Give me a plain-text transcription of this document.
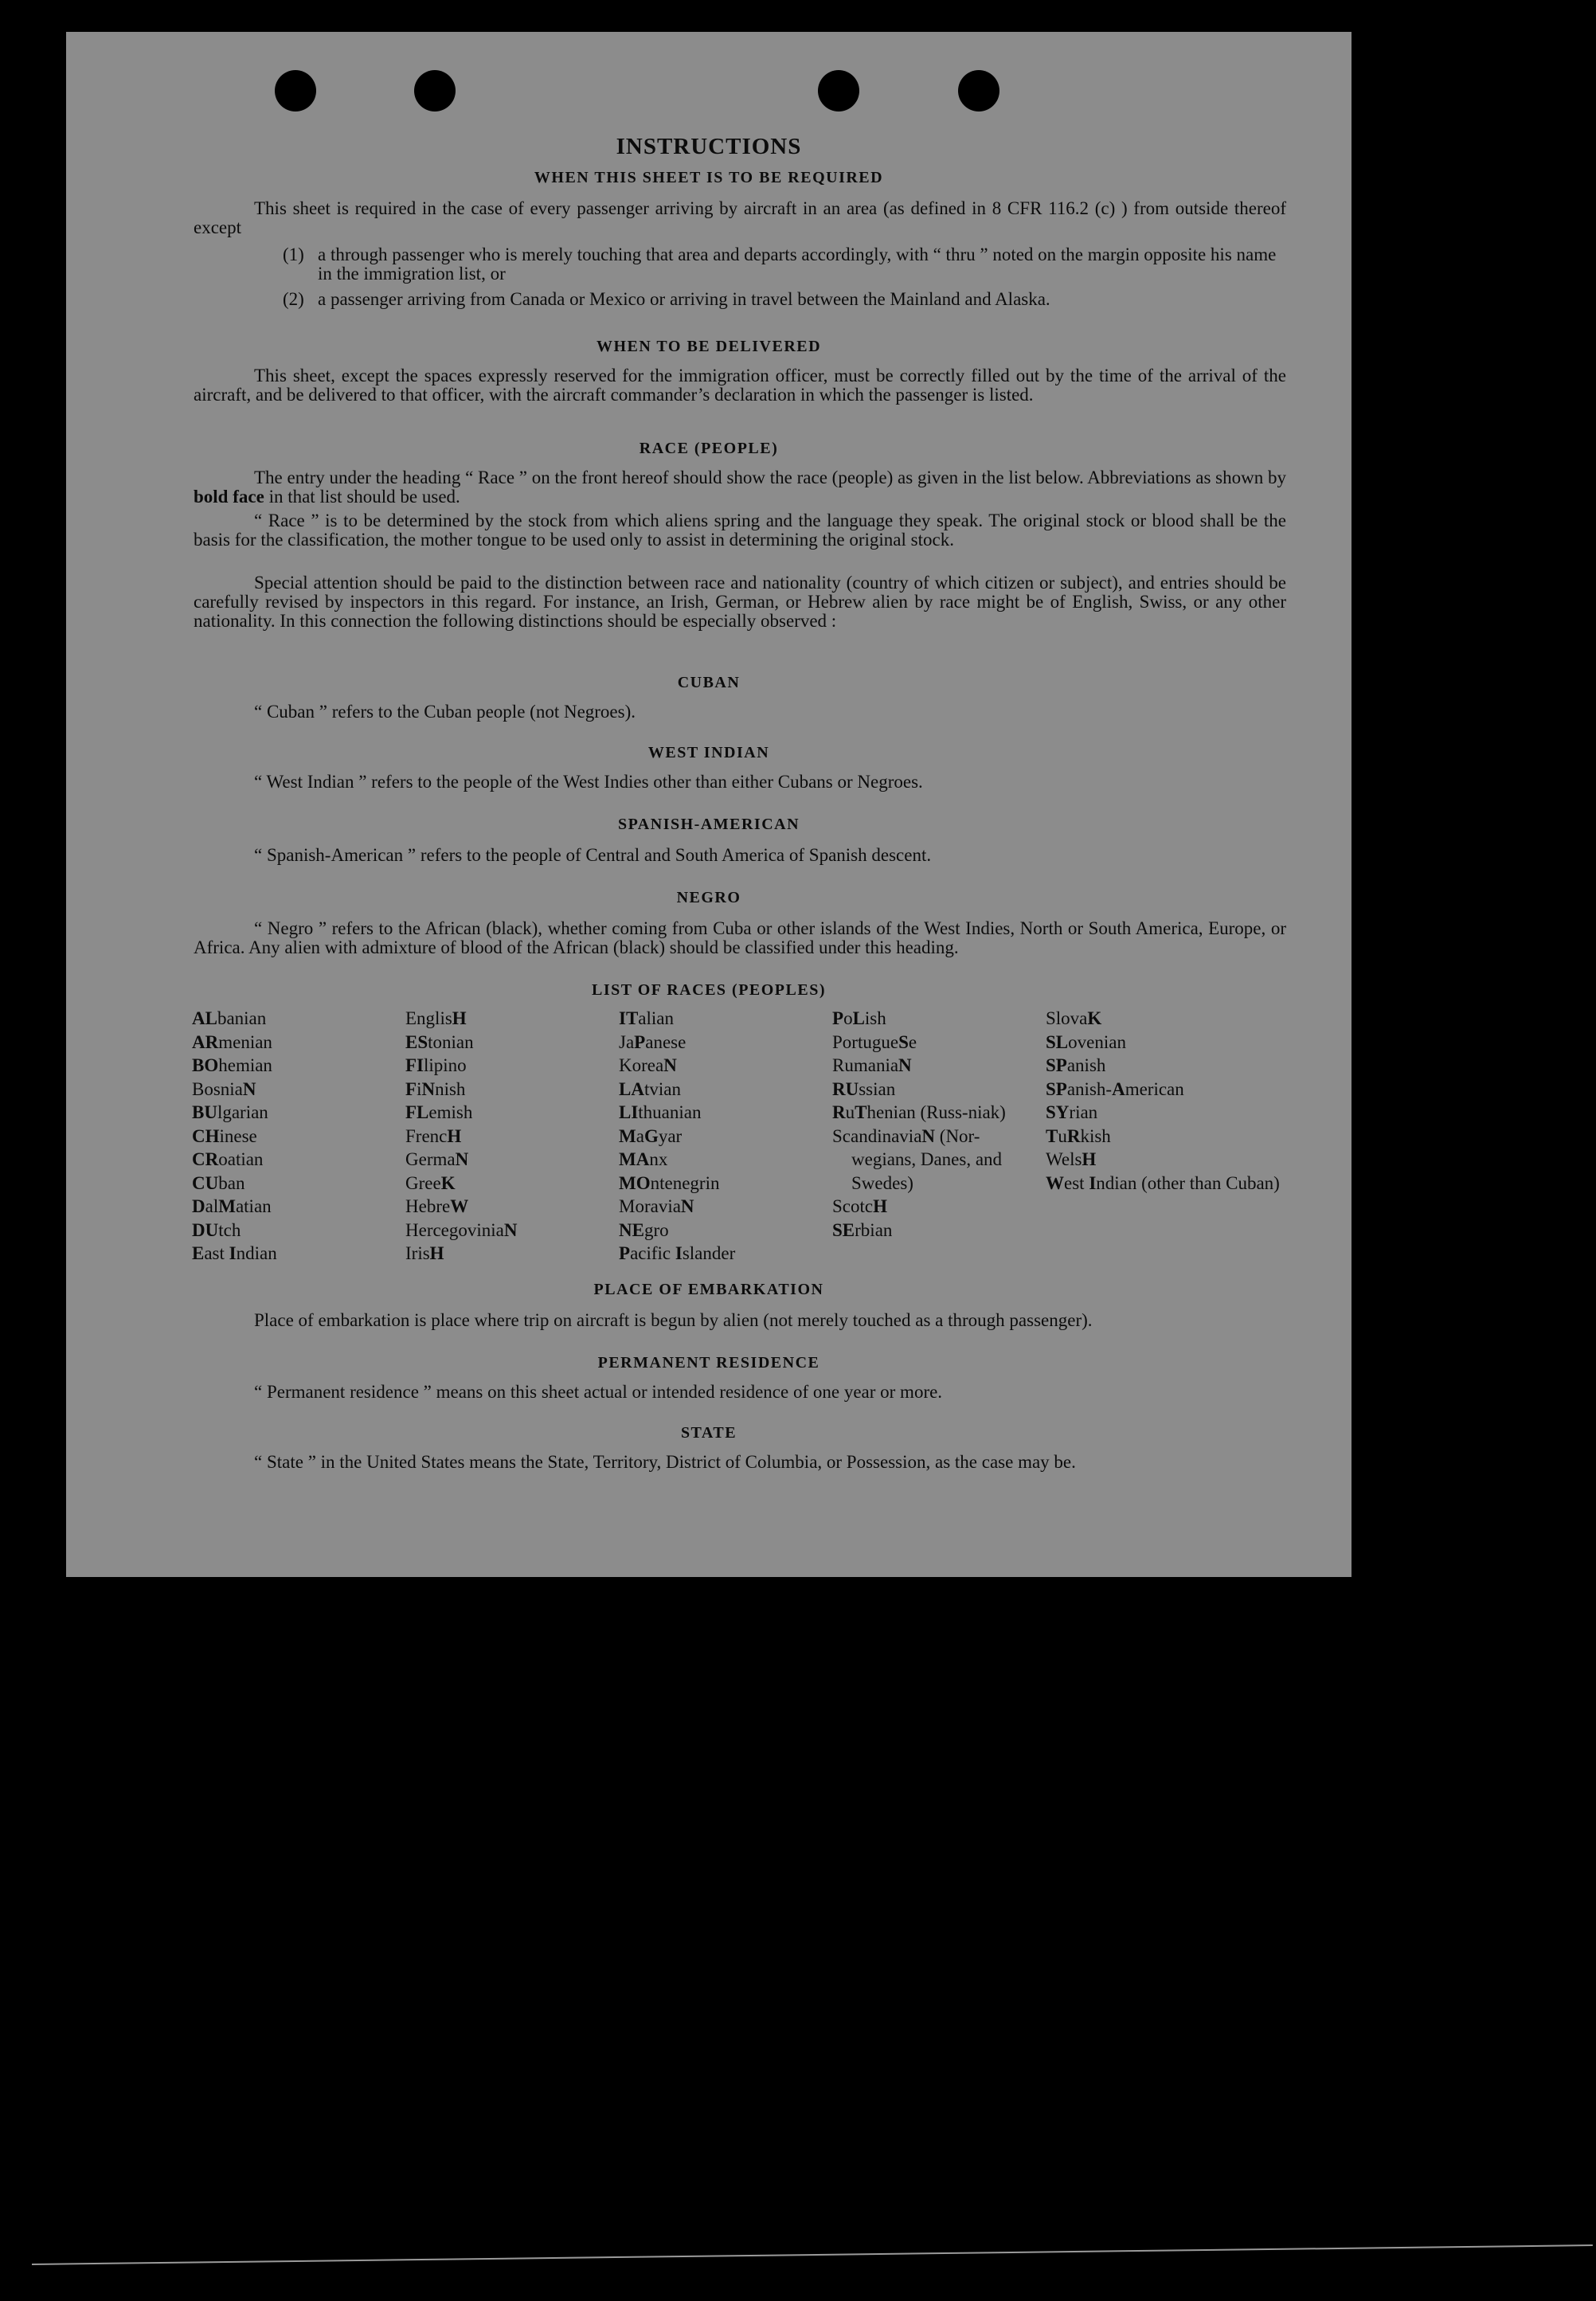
INSTRUCTIONS
WHEN THIS SHEET IS TO BE REQUIRED
This sheet is required in the case of every passenger arriving by aircraft in an area (as defined in 8 CFR 116.2 (c) ) from outside thereof except
(1) a through passenger who is merely touching that area and departs accordingly, with “ thru ” noted on the margin opposite his name in the immigration list, or
(2) a passenger arriving from Canada or Mexico or arriving in travel between the Mainland and Alaska.
WHEN TO BE DELIVERED
This sheet, except the spaces expressly reserved for the immigration officer, must be correctly filled out by the time of the arrival of the aircraft, and be delivered to that officer, with the aircraft commander’s declaration in which the passenger is listed.
RACE (PEOPLE)
The entry under the heading “ Race ” on the front hereof should show the race (people) as given in the list below. Abbreviations as shown by bold face in that list should be used.
“ Race ” is to be determined by the stock from which aliens spring and the language they speak. The original stock or blood shall be the basis for the classification, the mother tongue to be used only to assist in determining the original stock.
Special attention should be paid to the distinction between race and nationality (country of which citizen or subject), and entries should be carefully revised by inspectors in this regard. For instance, an Irish, German, or Hebrew alien by race might be of English, Swiss, or any other nationality. In this connection the following distinctions should be especially observed :
CUBAN
“ Cuban ” refers to the Cuban people (not Negroes).
WEST INDIAN
“ West Indian ” refers to the people of the West Indies other than either Cubans or Negroes.
SPANISH-AMERICAN
“ Spanish-American ” refers to the people of Central and South America of Spanish descent.
NEGRO
“ Negro ” refers to the African (black), whether coming from Cuba or other islands of the West Indies, North or South America, Europe, or Africa. Any alien with admixture of blood of the African (black) should be classified under this heading.
LIST OF RACES (PEOPLES)
ALbanian
ARmenian
BOhemian
BosniaN
BUlgarian
CHinese
CRoatian
CUban
DalMatian
DUtch
East Indian
EnglisH
EStonian
FIlipino
FiNnish
FLemish
FrencH
GermaN
GreeK
HebreW
HercegoviniaN
IrisH
ITalian
JaPanese
KoreaN
LAtvian
LIthuanian
MaGyar
MAnx
MOntenegrin
MoraviaN
NEgro
Pacific Islander
PoLish
PortugueSe
RumaniaN
RUssian
RuThenian (Russ-niak)
ScandinaviaN (Nor-wegians, Danes, and Swedes)
ScotcH
SErbian
SlovaK
SLovenian
SPanish
SPanish-American
SYrian
TuRkish
WelsH
West Indian (other than Cuban)
PLACE OF EMBARKATION
Place of embarkation is place where trip on aircraft is begun by alien (not merely touched as a through passenger).
PERMANENT RESIDENCE
“ Permanent residence ” means on this sheet actual or intended residence of one year or more.
STATE
“ State ” in the United States means the State, Territory, District of Columbia, or Possession, as the case may be.
